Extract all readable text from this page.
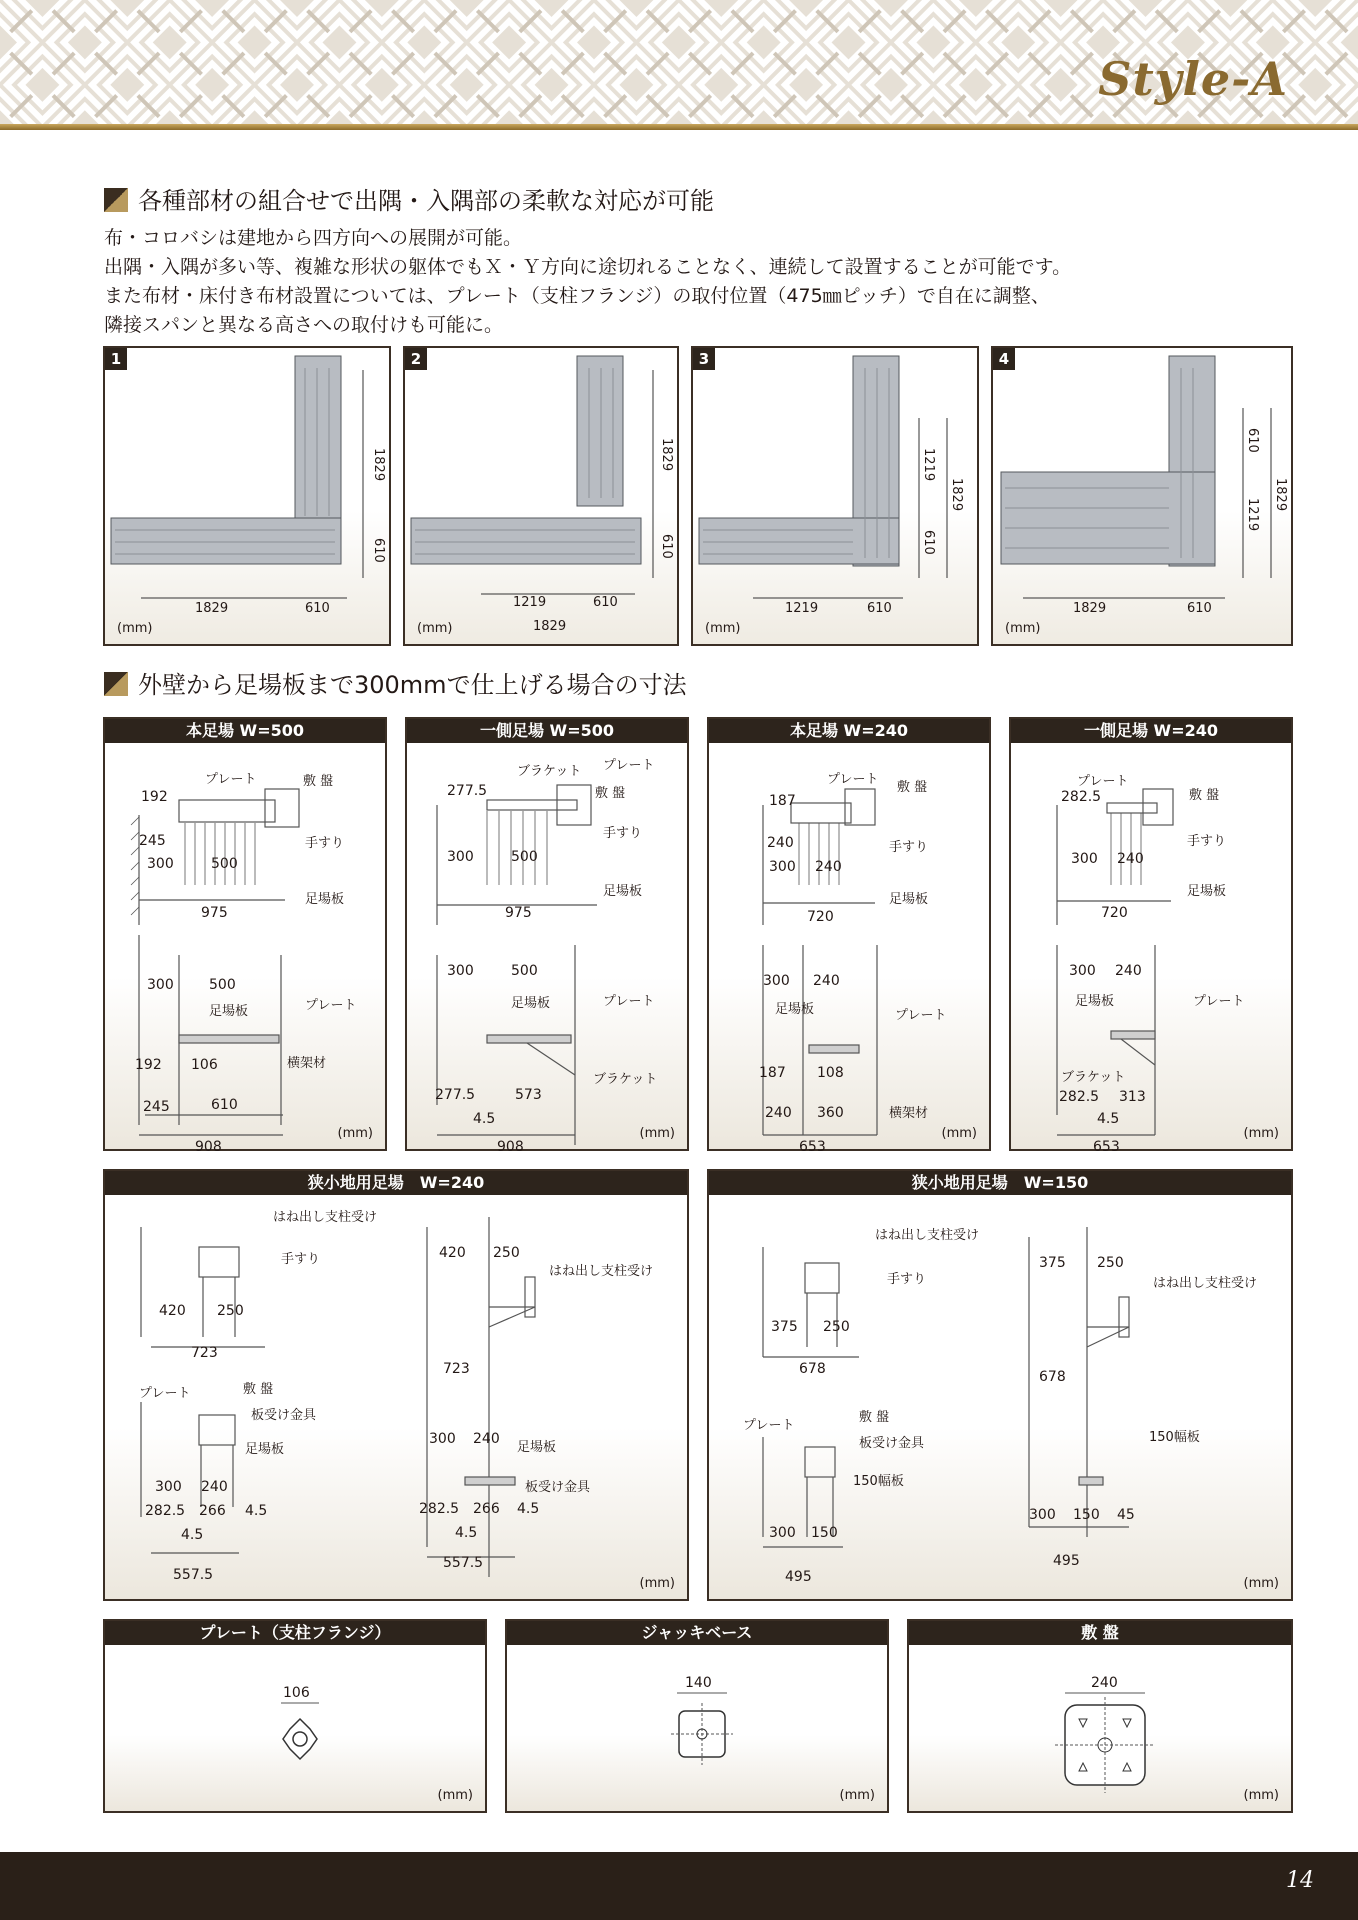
Style-A
各種部材の組合せで出隅・入隅部の柔軟な対応が可能
布・コロバシは建地から四方向への展開が可能。
出隅・入隅が多い等、複雑な形状の躯体でもＸ・Ｙ方向に途切れることなく、連続して設置することが可能です。
また布材・床付き布材設置については、プレート（支柱フランジ）の取付位置（475㎜ピッチ）で自在に調整、
隣接スパンと異なる高さへの取付けも可能に。
1
1829
610
1829	610
(mm)
2
1829
610
1219	610
1829
(mm)
3
1219
1829
610
1219	610
(mm)
4
610
1219
1829
1829	610
(mm)
外壁から足場板まで300mmで仕上げる場合の寸法
本足場 W=500
192
245
300	500
975
プレート	敷 盤
手すり
足場板
300	500
足場板	プレート
192 106	横架材
245	610
908
(mm)
一側足場 W=500
277.5
300	500
975
ブラケット プレート
敷 盤
手すり
足場板
300	500
足場板	プレート
ブラケット
277.5	573
4.5
908
(mm)
本足場 W=240
187
240
300 240
720
プレート
敷 盤
手すり
足場板
300 240
足場板	プレート
187 108
240 360	横架材
653
(mm)
一側足場 W=240
282.5
300 240
720
プレート
敷 盤
手すり
足場板
300 240
足場板	プレート
ブラケット
282.5 313
4.5
653
(mm)
狭小地用足場　W=240
はね出し支柱受け
手すり
420 250
723
420 250
はね出し支柱受け
723
プレート	敷 盤
板受け金具
足場板
300 240
282.5 266 4.5
4.5
557.5
300 240
足場板
板受け金具
282.5 266 4.5
4.5
557.5
(mm)
狭小地用足場　W=150
はね出し支柱受け
手すり
375 250
678
375 250
はね出し支柱受け
678
プレート
敷 盤
板受け金具
150幅板
300 150
495
150幅板
300 150 45
495
(mm)
プレート（支柱フランジ）
106
(mm)
ジャッキベース
140
(mm)
敷 盤
240
(mm)
14
